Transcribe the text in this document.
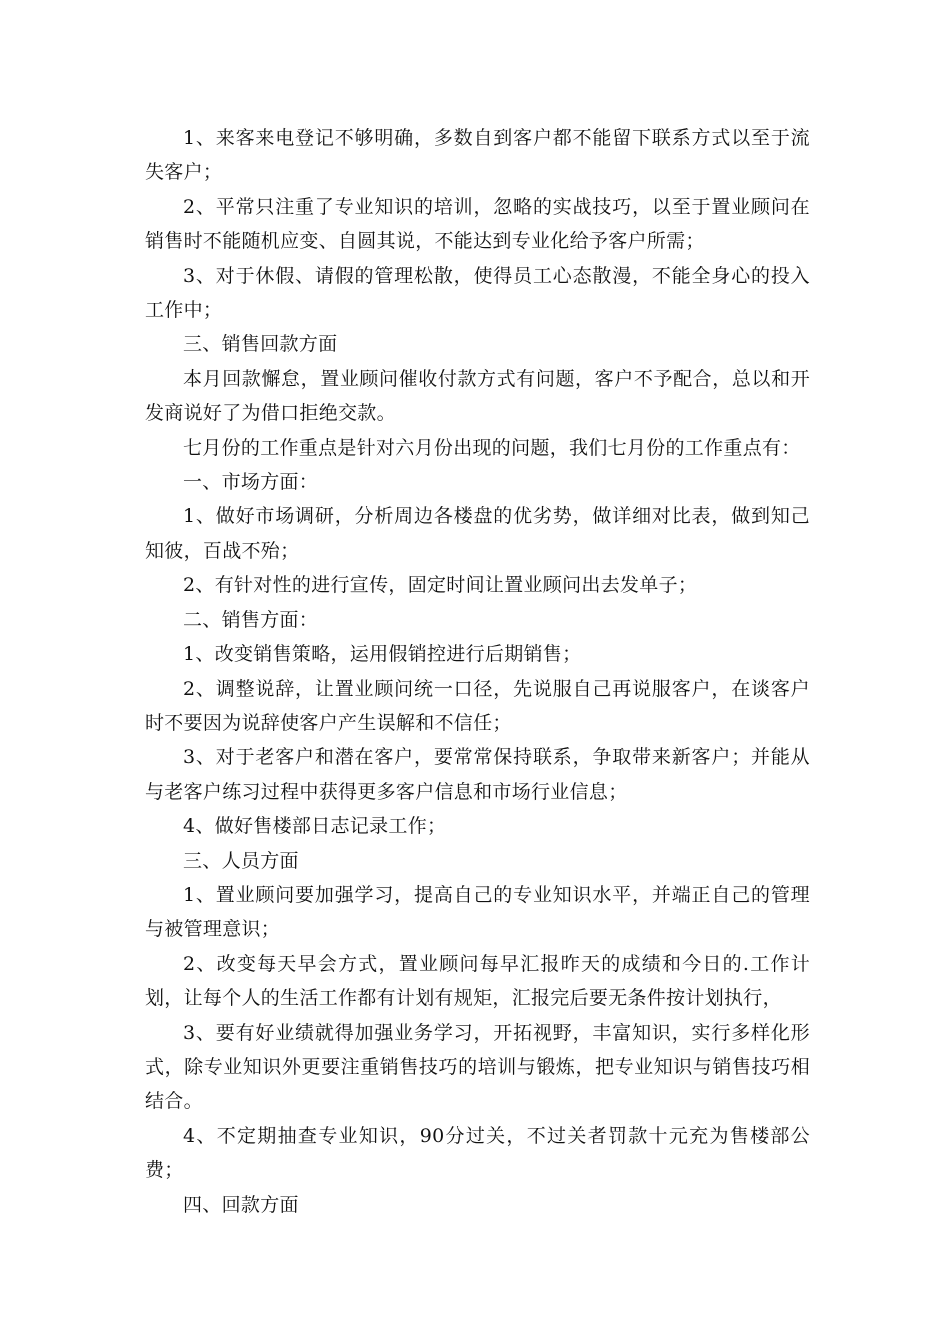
1、来客来电登记不够明确，多数自到客户都不能留下联系方式以至于流失客户；

2、平常只注重了专业知识的培训，忽略的实战技巧，以至于置业顾问在销售时不能随机应变、自圆其说，不能达到专业化给予客户所需；

3、对于休假、请假的管理松散，使得员工心态散漫，不能全身心的投入工作中；

三、销售回款方面

本月回款懈怠，置业顾问催收付款方式有问题，客户不予配合，总以和开发商说好了为借口拒绝交款。

七月份的工作重点是针对六月份出现的问题，我们七月份的工作重点有：

一、市场方面：

1、做好市场调研，分析周边各楼盘的优劣势，做详细对比表，做到知己知彼，百战不殆；

2、有针对性的进行宣传，固定时间让置业顾问出去发单子；

二、销售方面：

1、改变销售策略，运用假销控进行后期销售；

2、调整说辞，让置业顾问统一口径，先说服自己再说服客户，在谈客户时不要因为说辞使客户产生误解和不信任；

3、对于老客户和潜在客户，要常常保持联系，争取带来新客户；并能从与老客户练习过程中获得更多客户信息和市场行业信息；

4、做好售楼部日志记录工作；

三、人员方面

1、置业顾问要加强学习，提高自己的专业知识水平，并端正自己的管理与被管理意识；

2、改变每天早会方式，置业顾问每早汇报昨天的成绩和今日的.工作计划，让每个人的生活工作都有计划有规矩，汇报完后要无条件按计划执行，

3、要有好业绩就得加强业务学习，开拓视野，丰富知识，实行多样化形式，除专业知识外更要注重销售技巧的培训与锻炼，把专业知识与销售技巧相结合。

4、不定期抽查专业知识，90分过关，不过关者罚款十元充为售楼部公费；

四、回款方面
